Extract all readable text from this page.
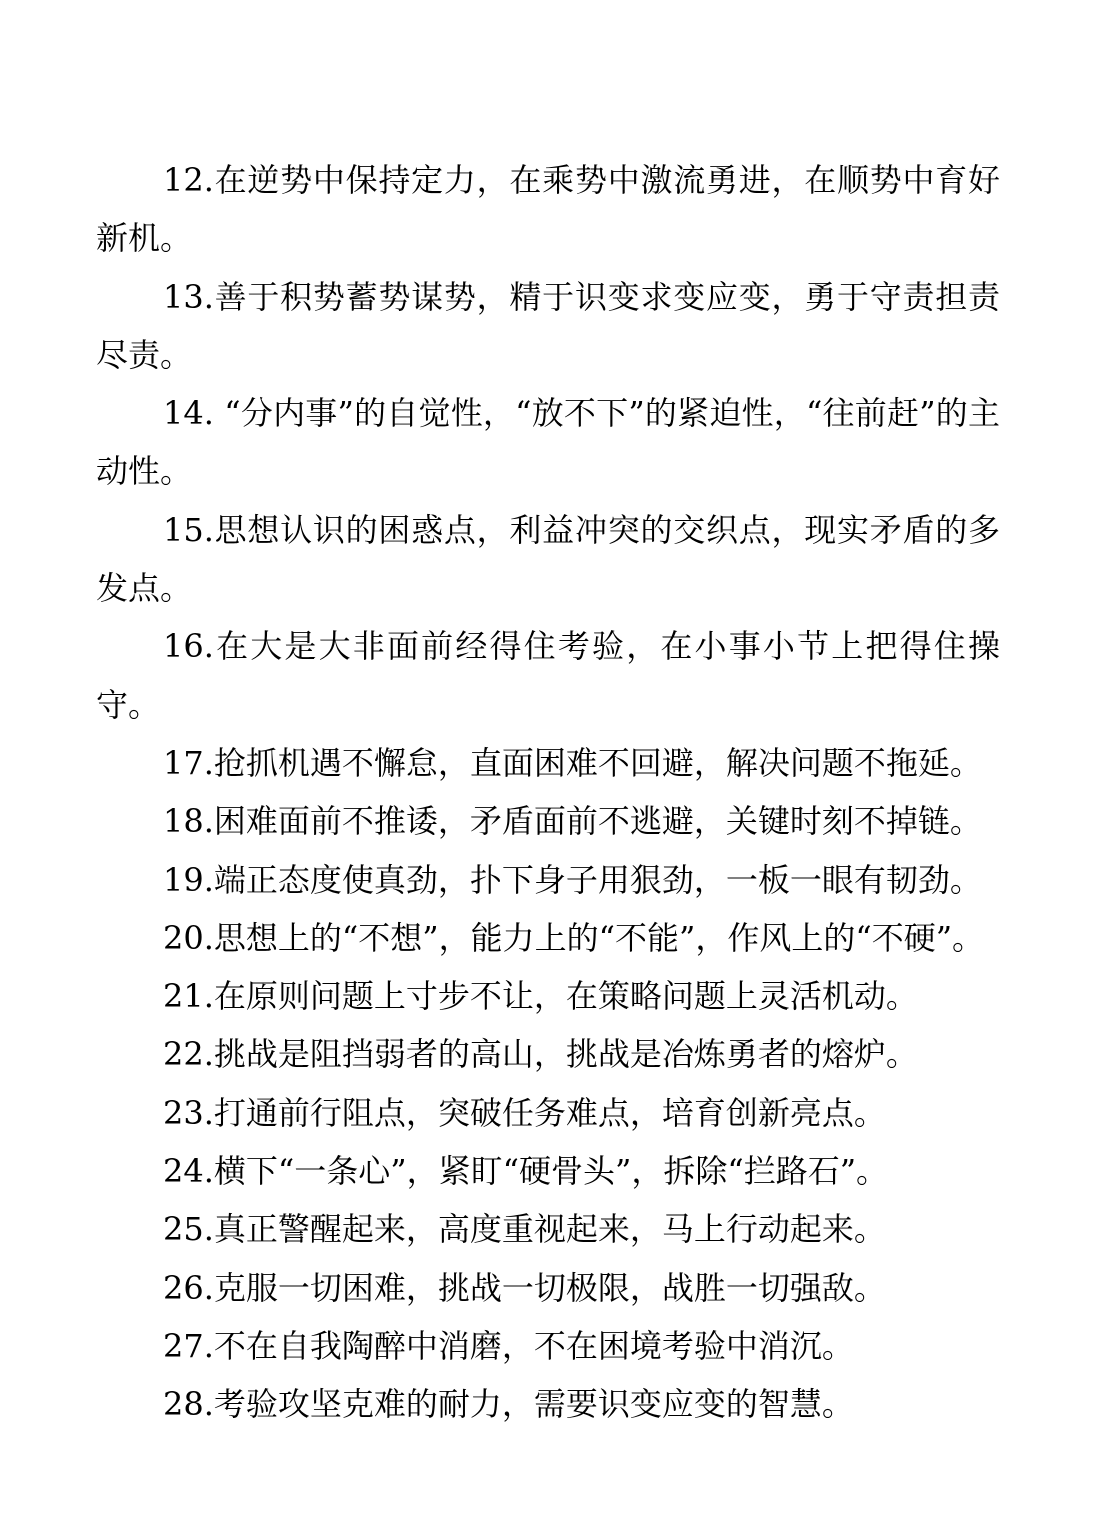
12.在逆势中保持定力，在乘势中激流勇进，在顺势中育好新机。

13.善于积势蓄势谋势，精于识变求变应变，勇于守责担责尽责。

14. “分内事”的自觉性，“放不下”的紧迫性，“往前赶”的主动性。

15.思想认识的困惑点，利益冲突的交织点，现实矛盾的多发点。

16.在大是大非面前经得住考验，在小事小节上把得住操守。

17.抢抓机遇不懈怠，直面困难不回避，解决问题不拖延。

18.困难面前不推诿，矛盾面前不逃避，关键时刻不掉链。

19.端正态度使真劲，扑下身子用狠劲，一板一眼有韧劲。

20.思想上的“不想”，能力上的“不能”，作风上的“不硬”。

21.在原则问题上寸步不让，在策略问题上灵活机动。

22.挑战是阻挡弱者的高山，挑战是冶炼勇者的熔炉。

23.打通前行阻点，突破任务难点，培育创新亮点。

24.横下“一条心”，紧盯“硬骨头”，拆除“拦路石”。

25.真正警醒起来，高度重视起来，马上行动起来。

26.克服一切困难，挑战一切极限，战胜一切强敌。

27.不在自我陶醉中消磨，不在困境考验中消沉。

28.考验攻坚克难的耐力，需要识变应变的智慧。
